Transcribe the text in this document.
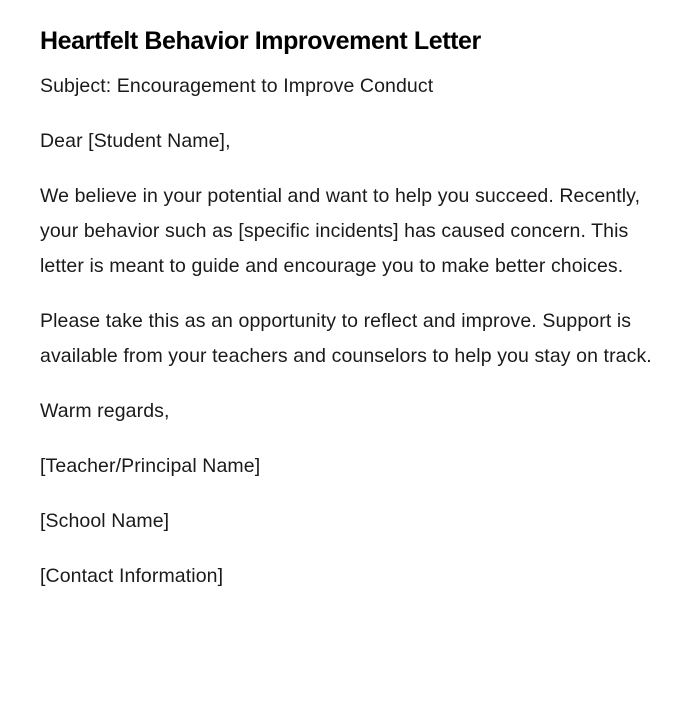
Heartfelt Behavior Improvement Letter

Subject: Encouragement to Improve Conduct

Dear [Student Name],

We believe in your potential and want to help you succeed. Recently, your behavior such as [specific incidents] has caused concern. This letter is meant to guide and encourage you to make better choices.

Please take this as an opportunity to reflect and improve. Support is available from your teachers and counselors to help you stay on track.

Warm regards,

[Teacher/Principal Name]

[School Name]

[Contact Information]
